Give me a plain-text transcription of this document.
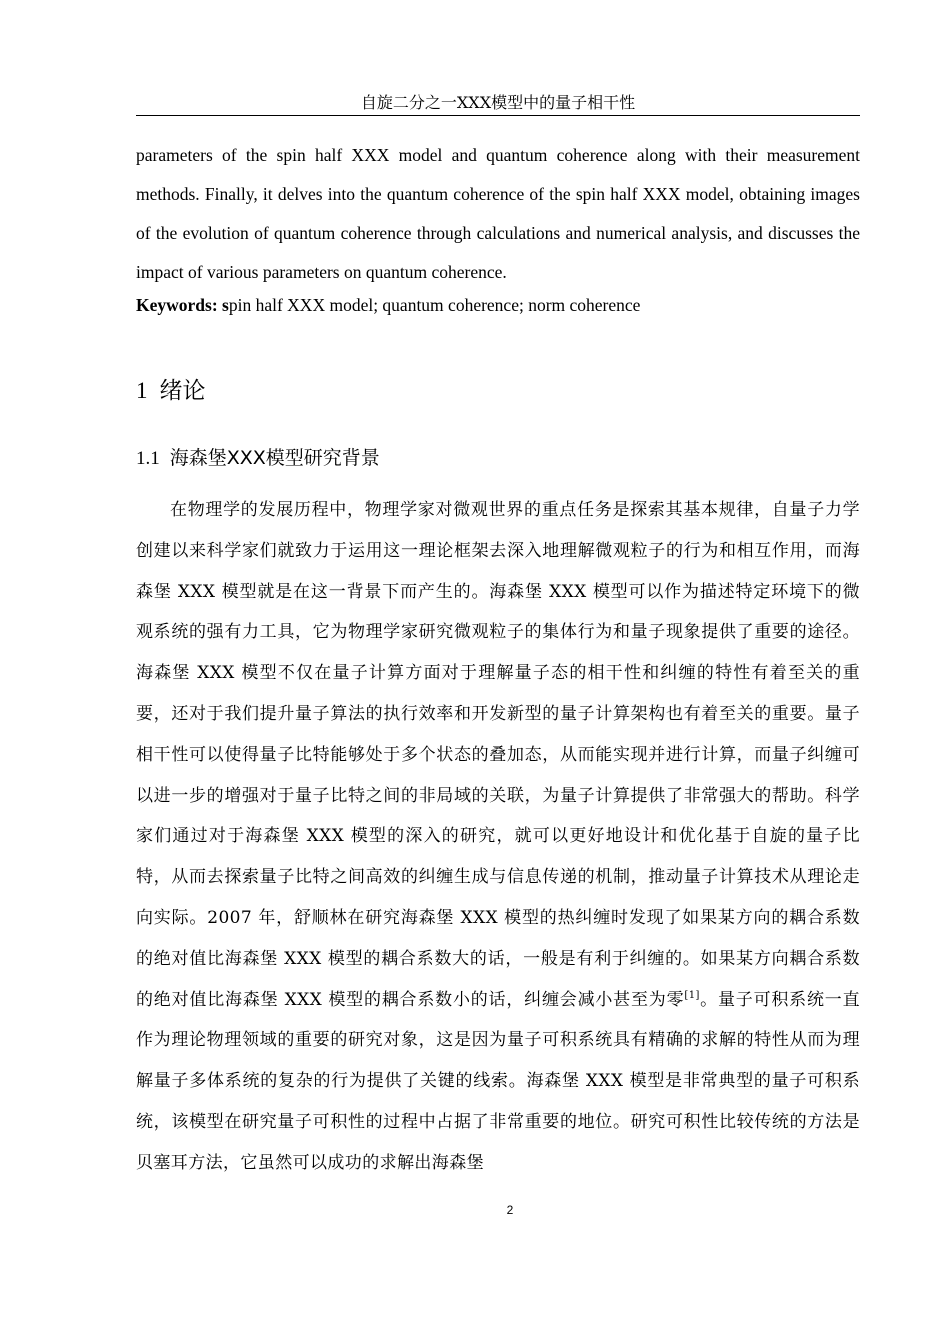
自旋二分之一XXX模型中的量子相干性
parameters of the spin half XXX model and quantum coherence along with their measurement methods. Finally, it delves into the quantum coherence of the spin half XXX model, obtaining images of the evolution of quantum coherence through calculations and numerical analysis, and discusses the impact of various parameters on quantum coherence.
Keywords: spin half XXX model; quantum coherence; norm coherence
1 绪论
1.1 海森堡XXX模型研究背景
在物理学的发展历程中，物理学家对微观世界的重点任务是探索其基本规律，自量子力学创建以来科学家们就致力于运用这一理论框架去深入地理解微观粒子的行为和相互作用，而海森堡 XXX 模型就是在这一背景下而产生的。海森堡 XXX 模型可以作为描述特定环境下的微观系统的强有力工具，它为物理学家研究微观粒子的集体行为和量子现象提供了重要的途径。海森堡 XXX 模型不仅在量子计算方面对于理解量子态的相干性和纠缠的特性有着至关的重要，还对于我们提升量子算法的执行效率和开发新型的量子计算架构也有着至关的重要。量子相干性可以使得量子比特能够处于多个状态的叠加态，从而能实现并进行计算，而量子纠缠可以进一步的增强对于量子比特之间的非局域的关联，为量子计算提供了非常强大的帮助。科学家们通过对于海森堡 XXX 模型的深入的研究，就可以更好地设计和优化基于自旋的量子比特，从而去探索量子比特之间高效的纠缠生成与信息传递的机制，推动量子计算技术从理论走向实际。2007 年，舒顺林在研究海森堡 XXX 模型的热纠缠时发现了如果某方向的耦合系数的绝对值比海森堡 XXX 模型的耦合系数大的话，一般是有利于纠缠的。如果某方向耦合系数的绝对值比海森堡 XXX 模型的耦合系数小的话，纠缠会减小甚至为零[1]。量子可积系统一直作为理论物理领域的重要的研究对象，这是因为量子可积系统具有精确的求解的特性从而为理解量子多体系统的复杂的行为提供了关键的线索。海森堡 XXX 模型是非常典型的量子可积系统，该模型在研究量子可积性的过程中占据了非常重要的地位。研究可积性比较传统的方法是贝塞耳方法，它虽然可以成功的求解出海森堡
2
